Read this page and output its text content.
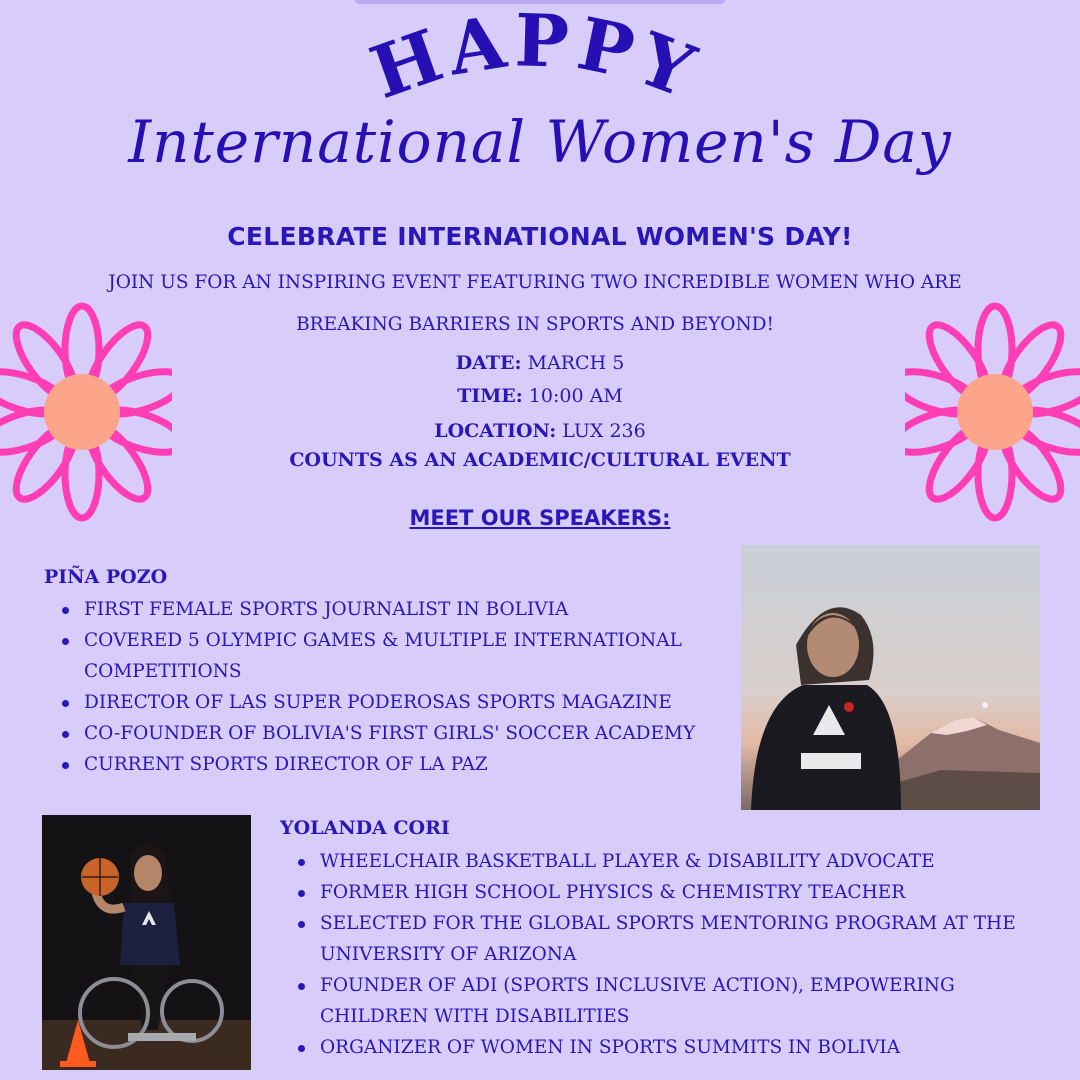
HAPPY
International Women's Day
CELEBRATE INTERNATIONAL WOMEN'S DAY!
JOIN US FOR AN INSPIRING EVENT FEATURING TWO INCREDIBLE WOMEN WHO ARE
BREAKING BARRIERS IN SPORTS AND BEYOND!
DATE: MARCH 5
TIME: 10:00 AM
LOCATION: LUX 236
COUNTS AS AN ACADEMIC/CULTURAL EVENT
MEET OUR SPEAKERS:
PIÑA POZO
FIRST FEMALE SPORTS JOURNALIST IN BOLIVIA
COVERED 5 OLYMPIC GAMES & MULTIPLE INTERNATIONAL COMPETITIONS
DIRECTOR OF LAS SUPER PODEROSAS SPORTS MAGAZINE
CO-FOUNDER OF BOLIVIA'S FIRST GIRLS' SOCCER ACADEMY
CURRENT SPORTS DIRECTOR OF LA PAZ
YOLANDA CORI
WHEELCHAIR BASKETBALL PLAYER & DISABILITY ADVOCATE
FORMER HIGH SCHOOL PHYSICS & CHEMISTRY TEACHER
SELECTED FOR THE GLOBAL SPORTS MENTORING PROGRAM AT THE UNIVERSITY OF ARIZONA
FOUNDER OF ADI (SPORTS INCLUSIVE ACTION), EMPOWERING CHILDREN WITH DISABILITIES
ORGANIZER OF WOMEN IN SPORTS SUMMITS IN BOLIVIA
